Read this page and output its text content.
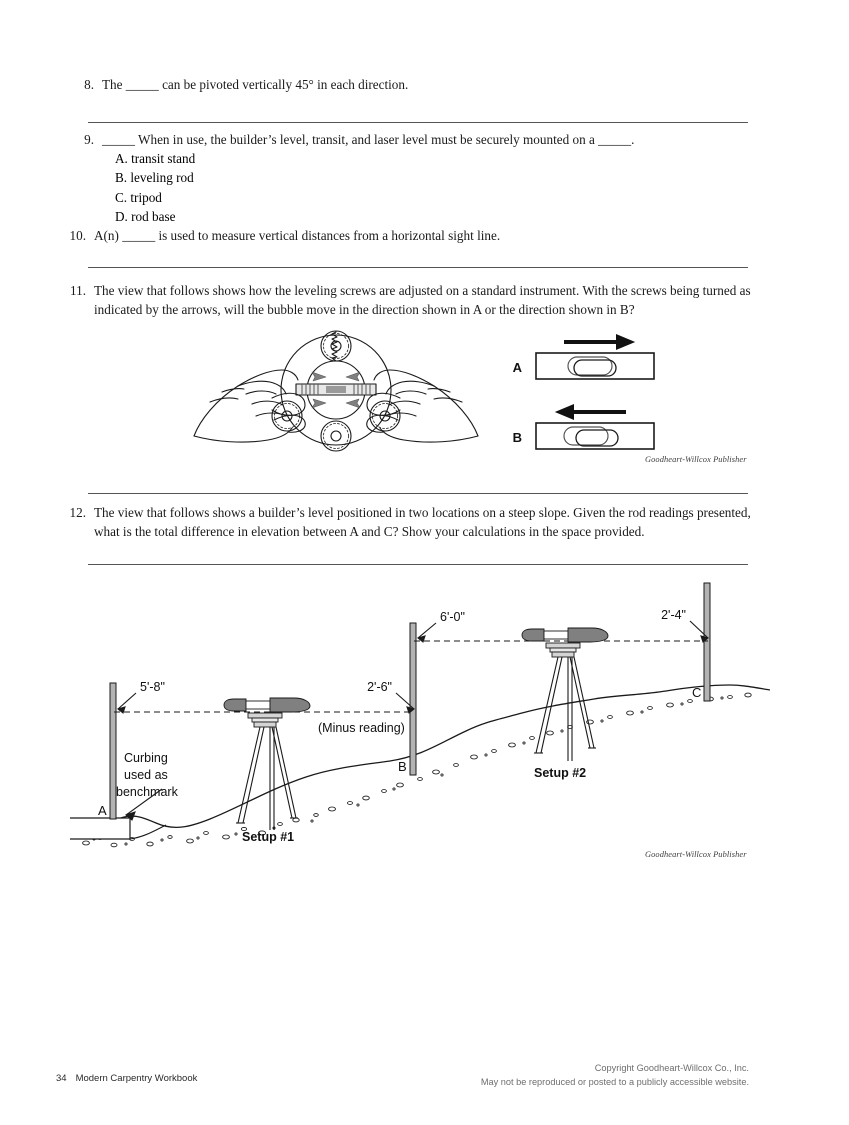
8. The _____ can be pivoted vertically 45° in each direction.
9. _____ When in use, the builder’s level, transit, and laser level must be securely mounted on a _____.
A. transit stand
B. leveling rod
C. tripod
D. rod base
10. A(n) _____ is used to measure vertical distances from a horizontal sight line.
11. The view that follows shows how the leveling screws are adjusted on a standard instrument. With the screws being turned as indicated by the arrows, will the bubble move in the direction shown in A or the direction shown in B?
A
B
Goodheart-Willcox Publisher
12. The view that follows shows a builder’s level positioned in two locations on a steep slope. Given the rod readings presented, what is the total difference in elevation between A and C? Show your calculations in the space provided.
5'-8"	2'-6"
6'-0"	2'-4"
(Minus reading)
Curbing
used as
benchmark
A
B
C
Setup #1
Setup #2
Goodheart-Willcox Publisher
34 Modern Carpentry Workbook
Copyright Goodheart-Willcox Co., Inc.
May not be reproduced or posted to a publicly accessible website.
